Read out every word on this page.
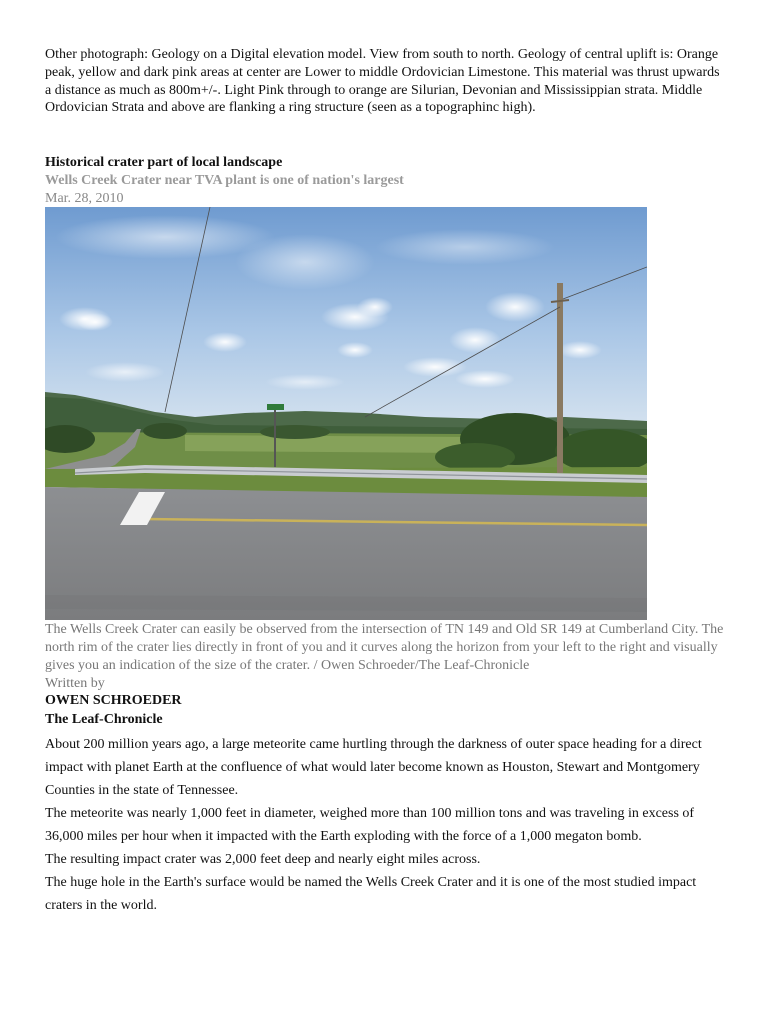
Other photograph: Geology on a Digital elevation model. View from south to north. Geology of central uplift is: Orange peak, yellow and dark pink areas at center are Lower to middle Ordovician Limestone. This material was thrust upwards a distance as much as 800m+/-. Light Pink through to orange are Silurian, Devonian and Mississippian strata. Middle Ordovician Strata and above are flanking a ring structure (seen as a topographinc high).

Historical crater part of local landscape
Wells Creek Crater near TVA plant is one of nation's largest
Mar. 28, 2010

The Wells Creek Crater can easily be observed from the intersection of TN 149 and Old SR 149 at Cumberland City. The north rim of the crater lies directly in front of you and it curves along the horizon from your left to the right and visually gives you an indication of the size of the crater. / Owen Schroeder/The Leaf-Chronicle

Written by
OWEN SCHROEDER
The Leaf-Chronicle

About 200 million years ago, a large meteorite came hurtling through the darkness of outer space heading for a direct impact with planet Earth at the confluence of what would later become known as Houston, Stewart and Montgomery Counties in the state of Tennessee.

The meteorite was nearly 1,000 feet in diameter, weighed more than 100 million tons and was traveling in excess of 36,000 miles per hour when it impacted with the Earth exploding with the force of a 1,000 megaton bomb.

The resulting impact crater was 2,000 feet deep and nearly eight miles across.

The huge hole in the Earth's surface would be named the Wells Creek Crater and it is one of the most studied impact craters in the world.
